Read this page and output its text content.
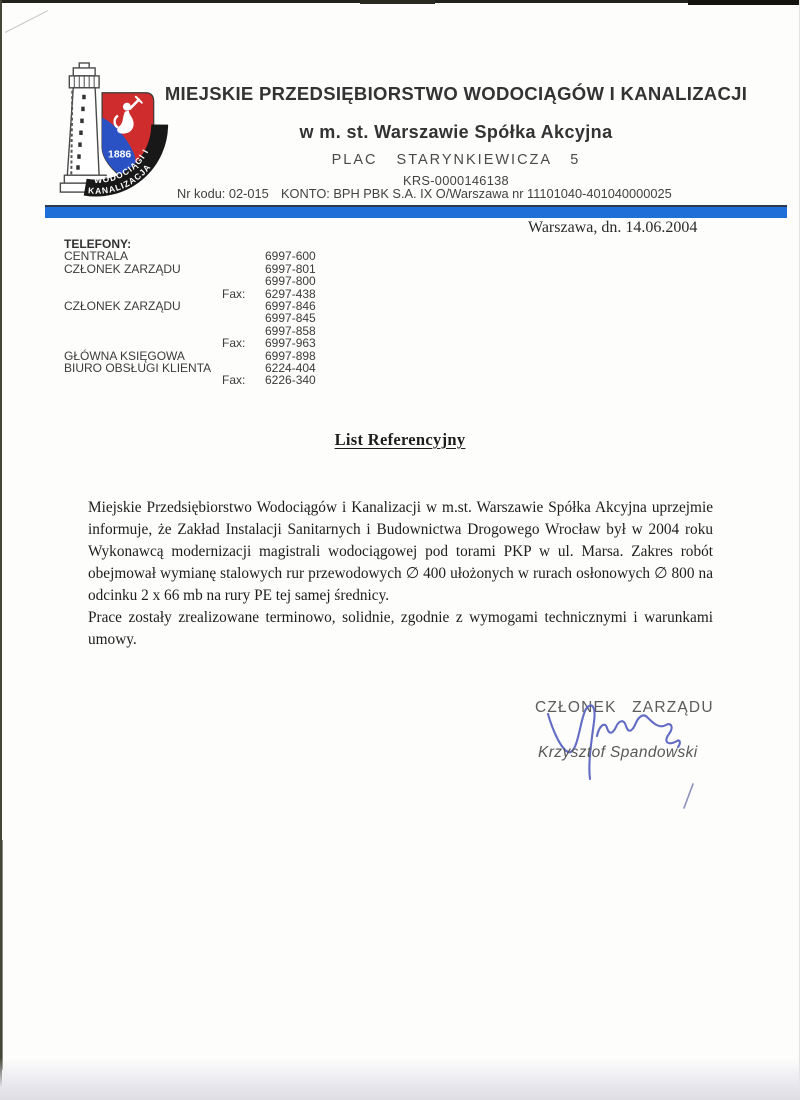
1886
WODOCIĄGI I
KANALIZACJA
MIEJSKIE PRZEDSIĘBIORSTWO WODOCIĄGÓW I KANALIZACJI
w m. st. Warszawie Spółka Akcyjna
PLAC STARYNKIEWICZA 5
KRS-0000146138
Nr kodu: 02-015 KONTO: BPH PBK S.A. IX O/Warszawa nr 11101040-401040000025
Warszawa, dn. 14.06.2004
TELEFONY:		
CENTRALA		6997-600
CZŁONEK ZARZĄDU		6997-801
		6997-800
	Fax:	6297-438
CZŁONEK ZARZĄDU		6997-846
		6997-845
		6997-858
	Fax:	6997-963
GŁÓWNA KSIĘGOWA		6997-898
BIURO OBSŁUGI KLIENTA		6224-404
	Fax:	6226-340
List Referencyjny

Miejskie Przedsiębiorstwo Wodociągów i Kanalizacji w m.st. Warszawie Spółka Akcyjna uprzejmie informuje, że Zakład Instalacji Sanitarnych i Budownictwa Drogowego Wrocław był w 2004 roku Wykonawcą modernizacji magistrali wodociągowej pod torami PKP w ul. Marsa. Zakres robót obejmował wymianę stalowych rur przewodowych ∅ 400 ułożonych w rurach osłonowych ∅ 800 na odcinku 2 x 66 mb na rury PE tej samej średnicy.

Prace zostały zrealizowane terminowo, solidnie, zgodnie z wymogami technicznymi i warunkami umowy.

CZŁONEK ZARZĄDU
Krzysztof Spandowski
